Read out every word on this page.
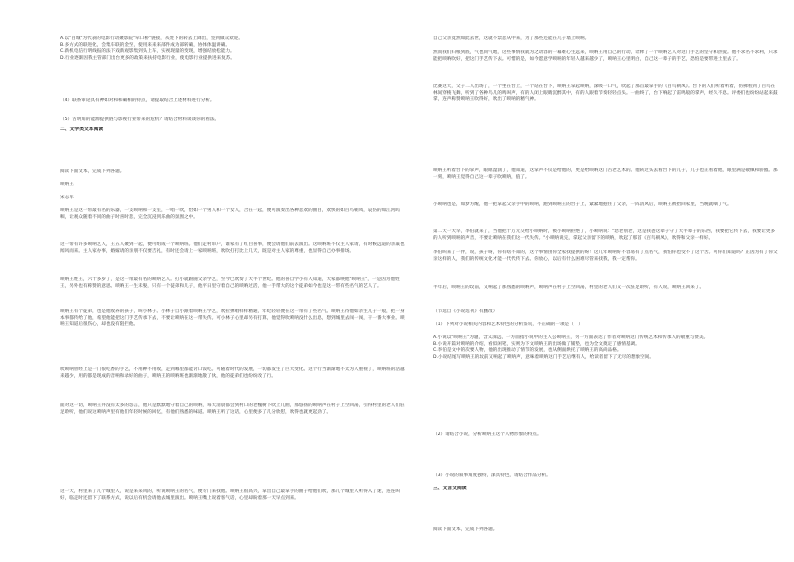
A.以"百城"为代表的电影行动聚影院"牵口桥"链接，从处下的转去上降出，坚到做众欢迎。

B.多方式的联进化，会集车联的金至，使用来来来部件成为部转确，协体体温讲确。

C.新机电信行明线报的法下戏新观影集到头上车，实视现量的变现，增强结放松能力。

D.行业逐渐因我主管部门出台更多的政策来扶持电影行业，使电影行业提供进来复苏。

（4）联系审论具有神如对和和确相的特点，请提取结合上述材料进行分析。

（5）古明角的能源提供链与影视行业带来的危机？请结合材料谈谈你的看法。

二、文学类文本阅读

阅读下面文本，完成下列各题。

唢呐王

宋志军

唢呐王是这一带最有名的乐器，一支唢呐和一支笙，一唱一吹，恰如一个男人和一个女人，合在一起，便可演奏出各种悲欢的曲目，欢快的如百鸟朝凤，哀伤的如江河呜咽，让观众随着不同的曲子时喜时悲，完全沉浸到乐曲的氛围之中。

这一带有许多唢呐艺人，王五人聚到一起，便可组成一个唢呐班。他们走村串户，谁家有了红白喜事，便会请他们前去演出。这唢呐班不仅主人家请，有时候远道的亲戚也闻风而来。主人家办事，婚嫁请的亲朋不仅要吉礼，有时还会请上一家唢呐班，吹吹打打比上几天，既是对主人家的尊重，也显得自己办事排场。

唢呐王姓王，六十多岁了，是这一带最有名的唢呐艺人。打小就跟随父亲学艺，至今已吹奏了大半个世纪。他的喜自学小有人知道，大家都唤他"唢呐王"，一是因为他姓王，另外也有称赞的意思。唢呐王一生未娶，只有一个徒弟和儿子，他平日里守着自己的唢呐过活，他一手带大的这个徒弟如今也是这一带有些名气的艺人了。

唢呐王有个徒弟，也是他收养的孩子，叫小林子。小林子自小跟着唢呐王学艺，吹拉弹唱样样精通，年纪轻轻便在这一带有了些名气。唢呐王待他如亲生儿子一般，把一身本事都传给了他，希望他能把这门手艺传承下去，不要让唢呐在这一带失传。可小林子心里却另有打算，他觉得吹唢呐没什么出息，想到城里去闯一闯，干一番大事业。唢呐王知道后很伤心，却也没有阻拦他。

吹唢呐曾经上是一门很吃香的手艺，不用种不用收，走到哪里都能讨口饭吃。可随着时代的发展，一切都发生了巨大变化。这个行当渐渐地不太为人重视了，唢呐班的活越来越少，用的都是现成的音响和录好的曲子，唢呐王的唢呐班也渐渐地散了伙，他的徒弟们也纷纷改了行。

面对这一切，唢呐王并没有太多的怨言，他只是默默地守着自己的唢呐，每天清晨都会到村口的老槐树下吹上几曲，那悠扬的唢呐声在村子上空回荡，引得村里的老人们驻足聆听，他们说这唢呐声里有他们年轻时候的回忆，有他们熟悉的味道。唢呐王听了这话，心里便多了几分欣慰，吹得也就更起劲了。

这一天，村里来了几个城里人，说是来采风的，听说唢呐王的名气，便专门来找他。唢呐王很高兴，拿出自己最拿手的曲子给他们吹，那几个城里人听得入了迷，连连叫好，临走时还留下了联系方式，说以后有机会请他去城里演出。唢呐王嘴上说着客气话，心里却盼着那一天早点到来。

自己父亲竟然如此去世，这就不禁悲从中来，为了那些还能在几子墙上唢呐。

然而我们归根到底，气也同气地，这些事情我就为之动容的一幕难心生远来，唢呐王用自己的行动，诠释了一个唢呐艺人对这门手艺的坚守和热爱。他不求名不求利，只求能把唢呐吹好，把这门手艺传下去。可惜的是，如今愿意学唢呐的年轻人越来越少了，唢呐王心里明白，自己这一辈子的手艺，恐怕是要带进土里去了。

比赛这天，父子二人出场了，一个坐在台上，一个站在台下，唢呐王拿起唢呐，深吸一口气，吹起了那首最拿手的《百鸟朝凤》。台下的人们听着听着，仿佛看到了百鸟在林间穿梭飞舞，听到了各种鸟儿的鸣叫声，有的人闭上眼睛沉醉其中，有的人跟着节奏轻轻点头。一曲终了，台下响起了雷鸣般的掌声，经久不息。评委们也纷纷站起来鼓掌，连声称赞唢呐王吹得好，吹出了唢呐的精气神。

唢呐王听着台下的掌声，眼眶湿润了，他知道，这掌声不仅是给他的，更是给唢呐这门古老艺术的。他转过头去看台下的儿子，儿子也正看着他，眼里满是敬佩和骄傲。那一刻，唢呐王觉得自己这一辈子吹唢呐，值了。

小唢呐也是，如梦方醒，他一把拿起父亲手中的唢呐，跑到唢呐王的台子上，紧紧地抱住了父亲，一阵清风后，唢呐王被抬回家里，当晚就咽了气。

第二天一大早，李伯就来了，当他把十万元交给小唢呐时，被小唢呐拒绝了，小唢呐说："您老别老，这是我爸这辈子守了大半辈子的东西，我要把它传下去，我要让更多的人听到唢呐的声音，不要让唢呐在我们这一代失传。"小唢呐说完，拿起父亲留下的唢呐，吹起了那首《百鸟朝凤》，吹得和父亲一样好。

李伯叫来了一伴，说，孩子呀，你有啥不知的，这个事情由你全家找提供的呀！这几年唢呐好不容易有了点名气，我怕你也受不了这个苦。可你们知道吗？正因为有了你父亲这样的人，我们的传统文化才能一代代传下去。你放心，以后有什么困难尽管来找我，我一定帮你。

半年后，唢呐王的坟前，又响起了那熟悉的唢呐声，唢呐声在村子上空回荡，村里的老人们又一次驻足聆听，有人说，唢呐王回来了。

（节选自《小说选刊》有删改）

（1）下列对小说相关内容和艺术特色的分析鉴赏，不正确的一项是（　）

A.小说以"唢呐王"为题，含义深远，一方面指小说中的主人公唢呐王，另一方面表达了作者对唢呐这门传统艺术和传承人的敬重与赞美。

B.小说开篇对唢呐的介绍，看似闲笔，实则为下文唢呐王的出场做了铺垫，也为全文奠定了感情基调。

C.李伯是文中的次要人物，他的出现推动了情节的发展，也从侧面烘托了唢呐王的高尚品格。

D.小说结尾写唢呐王的坟前又响起了唢呐声，意味着唢呐这门手艺后继有人，给读者留下了无尽的想象空间。

（2）请结合小说，分析唢呐王这个人物形象的特点。

（3）小说的叙事角度独特，深具特色，请结合作品分析。

三、文言文阅读

阅读下面文本，完成下列各题。
